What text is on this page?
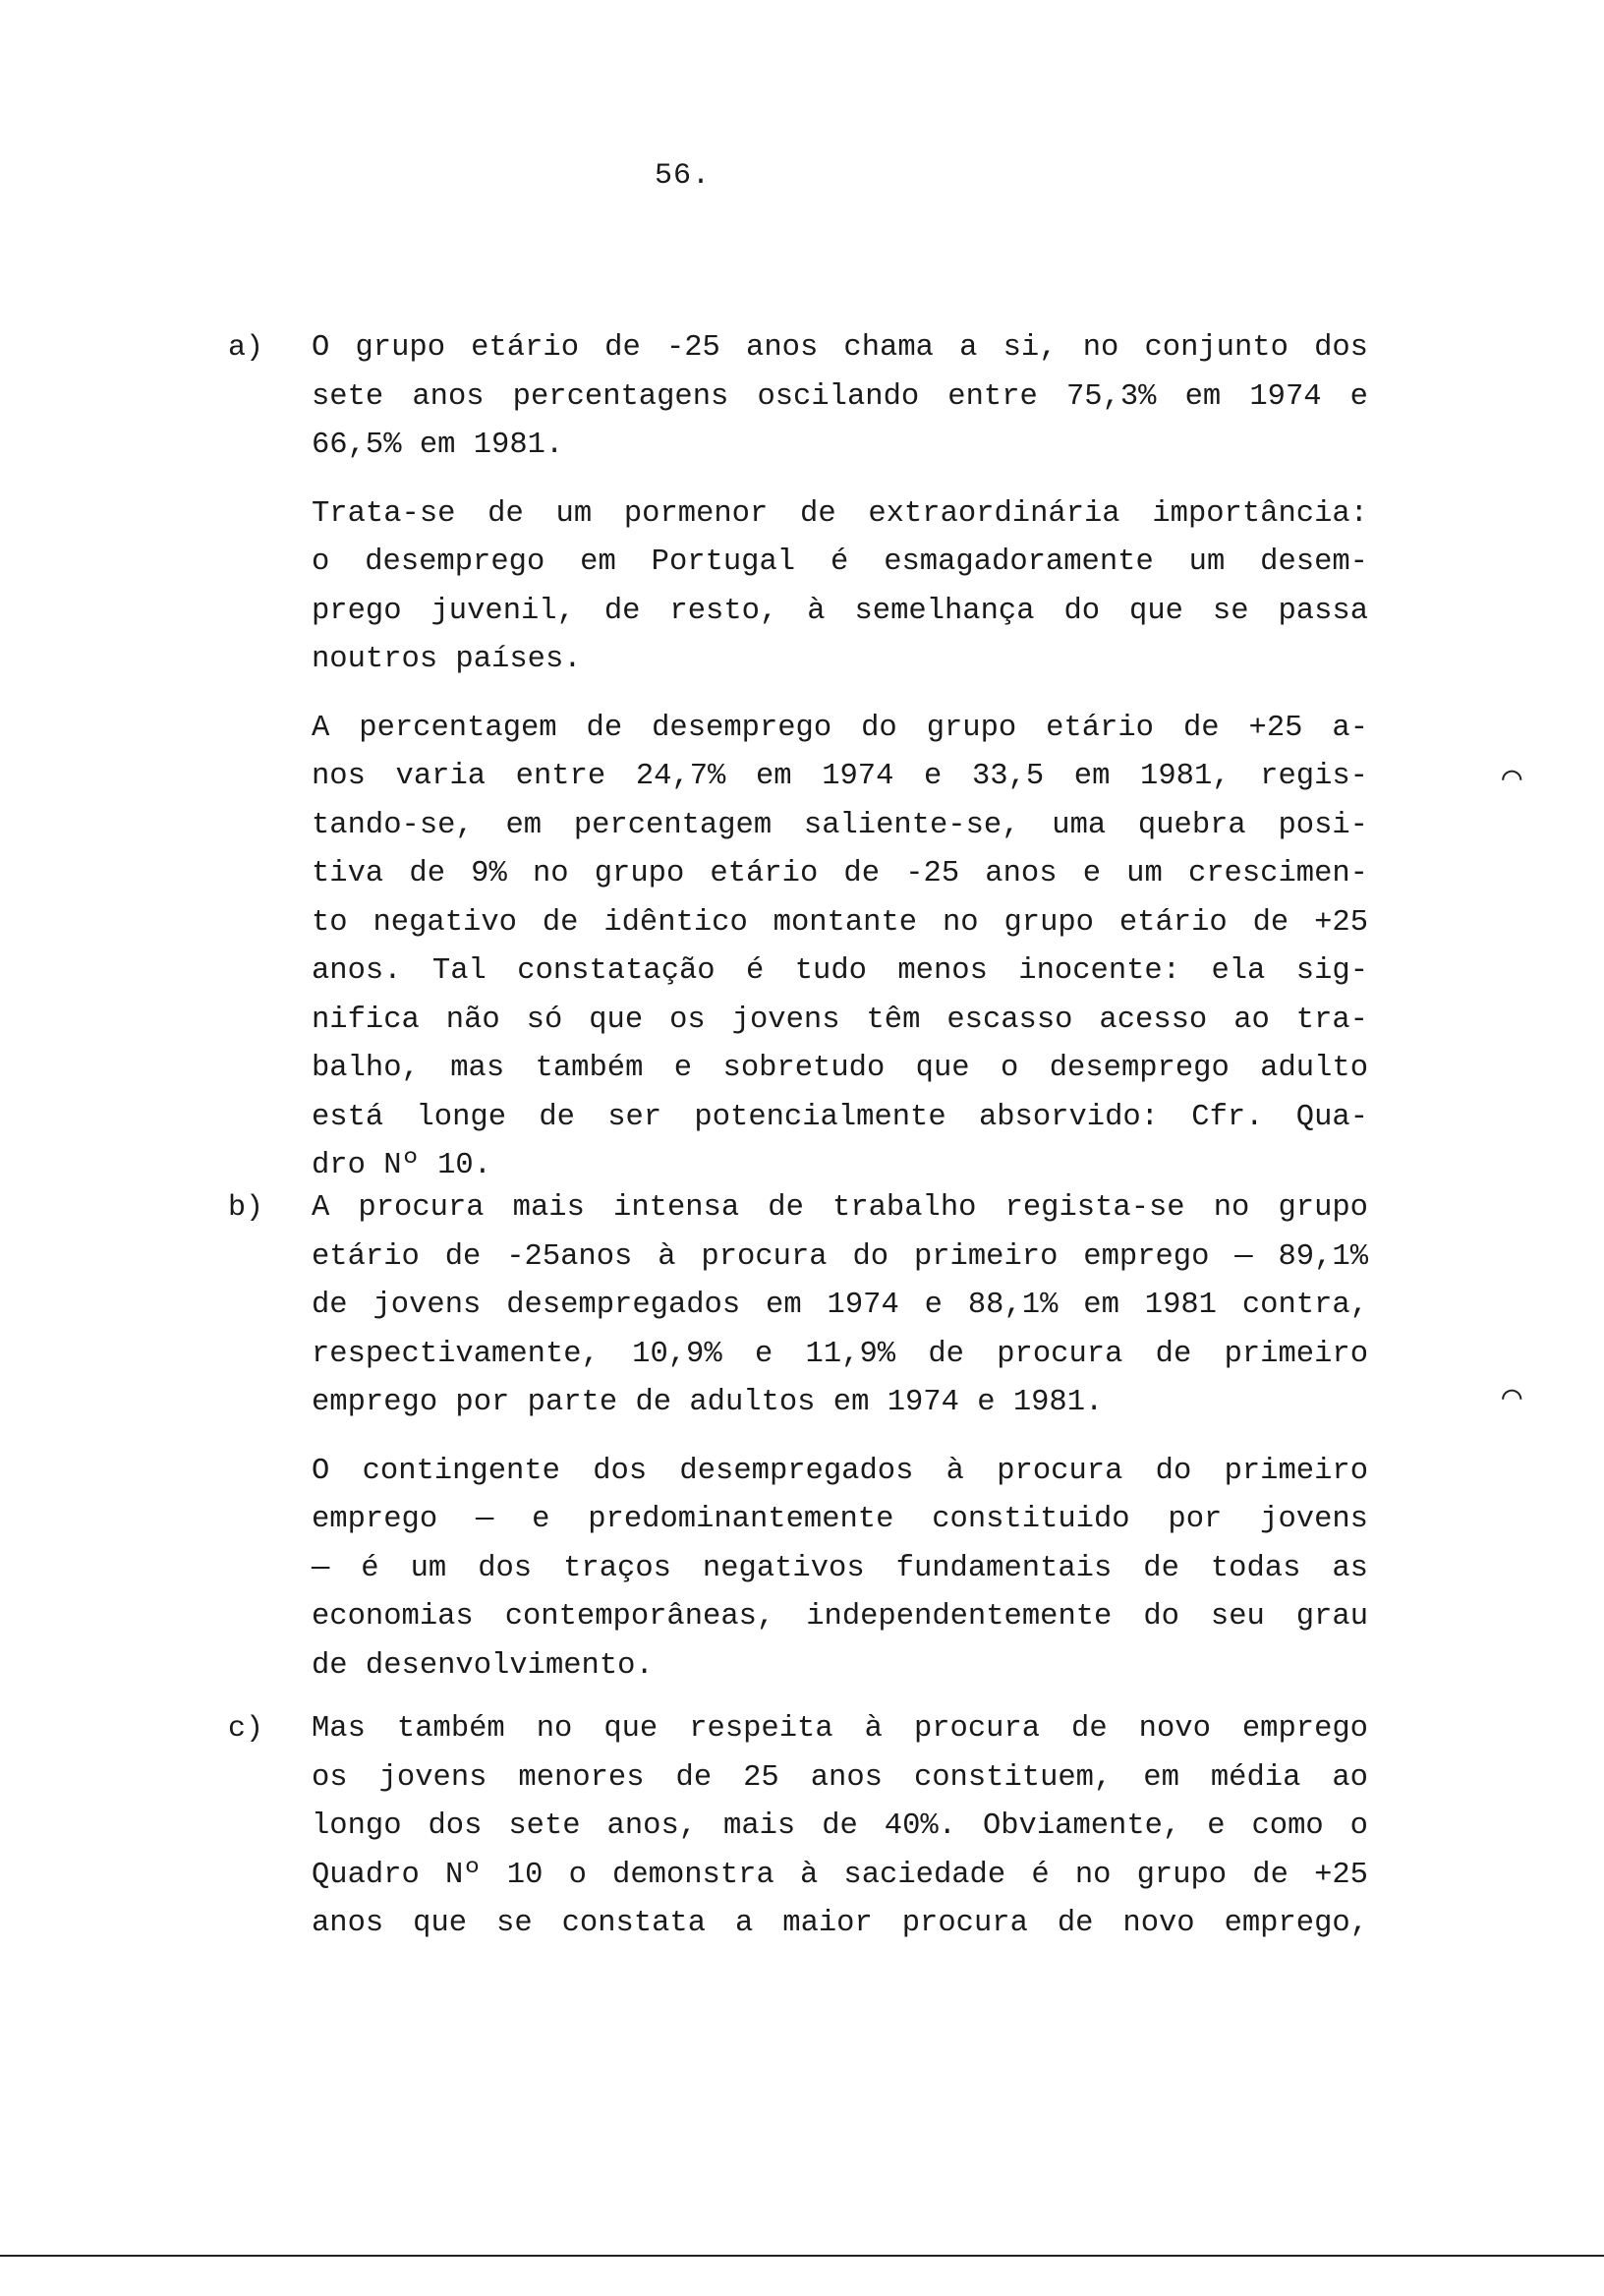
56.
a) O grupo etário de -25 anos chama a si, no conjunto dos
sete anos percentagens oscilando entre 75,3% em 1974 e
66,5% em 1981.
Trata-se de um pormenor de extraordinária importância:
o desemprego em Portugal é esmagadoramente um desem-
prego juvenil, de resto, à semelhança do que se passa
noutros países.
A percentagem de desemprego do grupo etário de +25 a-
nos varia entre 24,7% em 1974 e 33,5 em 1981, regis-
tando-se, em percentagem saliente-se, uma quebra posi-
tiva de 9% no grupo etário de -25 anos e um crescimen-
to negativo de idêntico montante no grupo etário de +25
anos. Tal constatação é tudo menos inocente: ela sig-
nifica não só que os jovens têm escasso acesso ao tra-
balho, mas também e sobretudo que o desemprego adulto
está longe de ser potencialmente absorvido: Cfr. Qua-
dro Nº 10.
b) A procura mais intensa de trabalho regista-se no grupo
etário de -25anos à procura do primeiro emprego — 89,1%
de jovens desempregados em 1974 e 88,1% em 1981 contra,
respectivamente, 10,9% e 11,9% de procura de primeiro
emprego por parte de adultos em 1974 e 1981.
O contingente dos desempregados à procura do primeiro
emprego — e predominantemente constituido por jovens
— é um dos traços negativos fundamentais de todas as
economias contemporâneas, independentemente do seu grau
de desenvolvimento.
c) Mas também no que respeita à procura de novo emprego
os jovens menores de 25 anos constituem, em média ao
longo dos sete anos, mais de 40%. Obviamente, e como o
Quadro Nº 10 o demonstra à saciedade é no grupo de +25
anos que se constata a maior procura de novo emprego,
⌒
⌒
